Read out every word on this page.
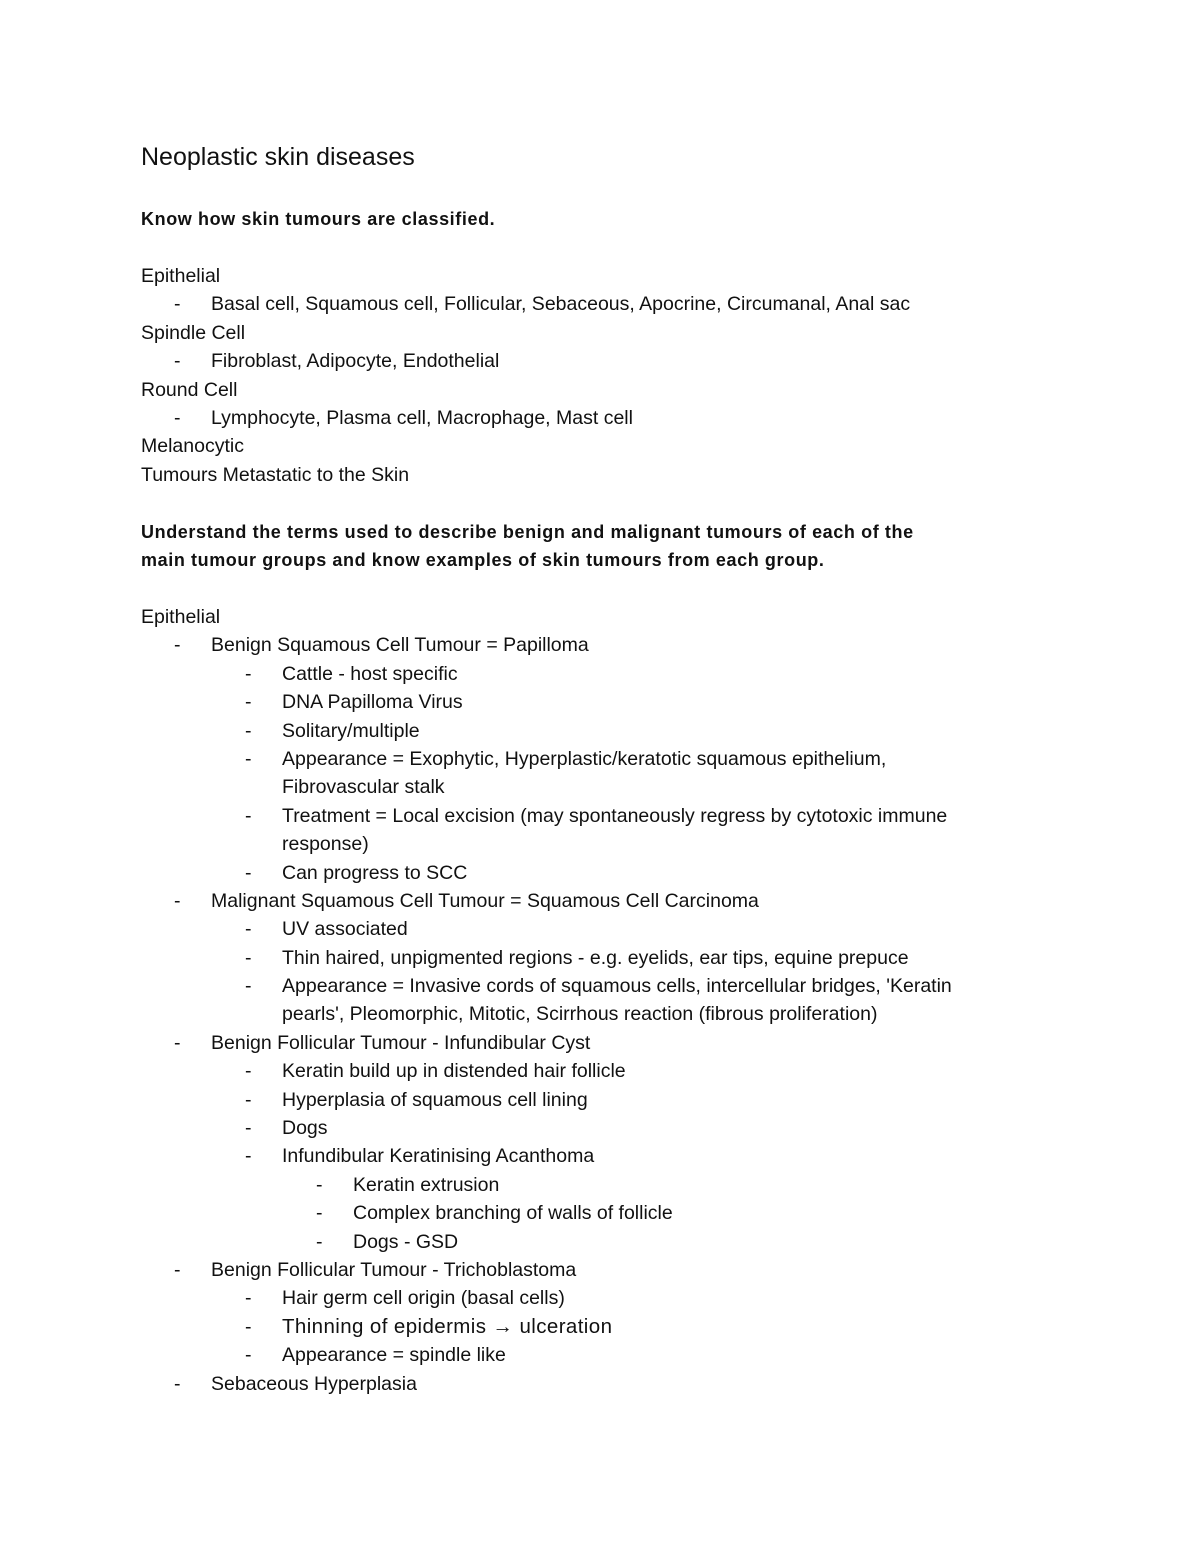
Neoplastic skin diseases
Know how skin tumours are classified.
Epithelial
- Basal cell, Squamous cell, Follicular, Sebaceous, Apocrine, Circumanal, Anal sac
Spindle Cell
- Fibroblast, Adipocyte, Endothelial
Round Cell
- Lymphocyte, Plasma cell, Macrophage, Mast cell
Melanocytic
Tumours Metastatic to the Skin
Understand the terms used to describe benign and malignant tumours of each of the
main tumour groups and know examples of skin tumours from each group.
Epithelial
- Benign Squamous Cell Tumour = Papilloma
- Cattle - host specific
- DNA Papilloma Virus
- Solitary/multiple
- Appearance = Exophytic, Hyperplastic/keratotic squamous epithelium,
Fibrovascular stalk
- Treatment = Local excision (may spontaneously regress by cytotoxic immune
response)
- Can progress to SCC
- Malignant Squamous Cell Tumour = Squamous Cell Carcinoma
- UV associated
- Thin haired, unpigmented regions - e.g. eyelids, ear tips, equine prepuce
- Appearance = Invasive cords of squamous cells, intercellular bridges, 'Keratin
pearls', Pleomorphic, Mitotic, Scirrhous reaction (fibrous proliferation)
- Benign Follicular Tumour - Infundibular Cyst
- Keratin build up in distended hair follicle
- Hyperplasia of squamous cell lining
- Dogs
- Infundibular Keratinising Acanthoma
- Keratin extrusion
- Complex branching of walls of follicle
- Dogs - GSD
- Benign Follicular Tumour - Trichoblastoma
- Hair germ cell origin (basal cells)
- Thinning of epidermis → ulceration
- Appearance = spindle like
- Sebaceous Hyperplasia
